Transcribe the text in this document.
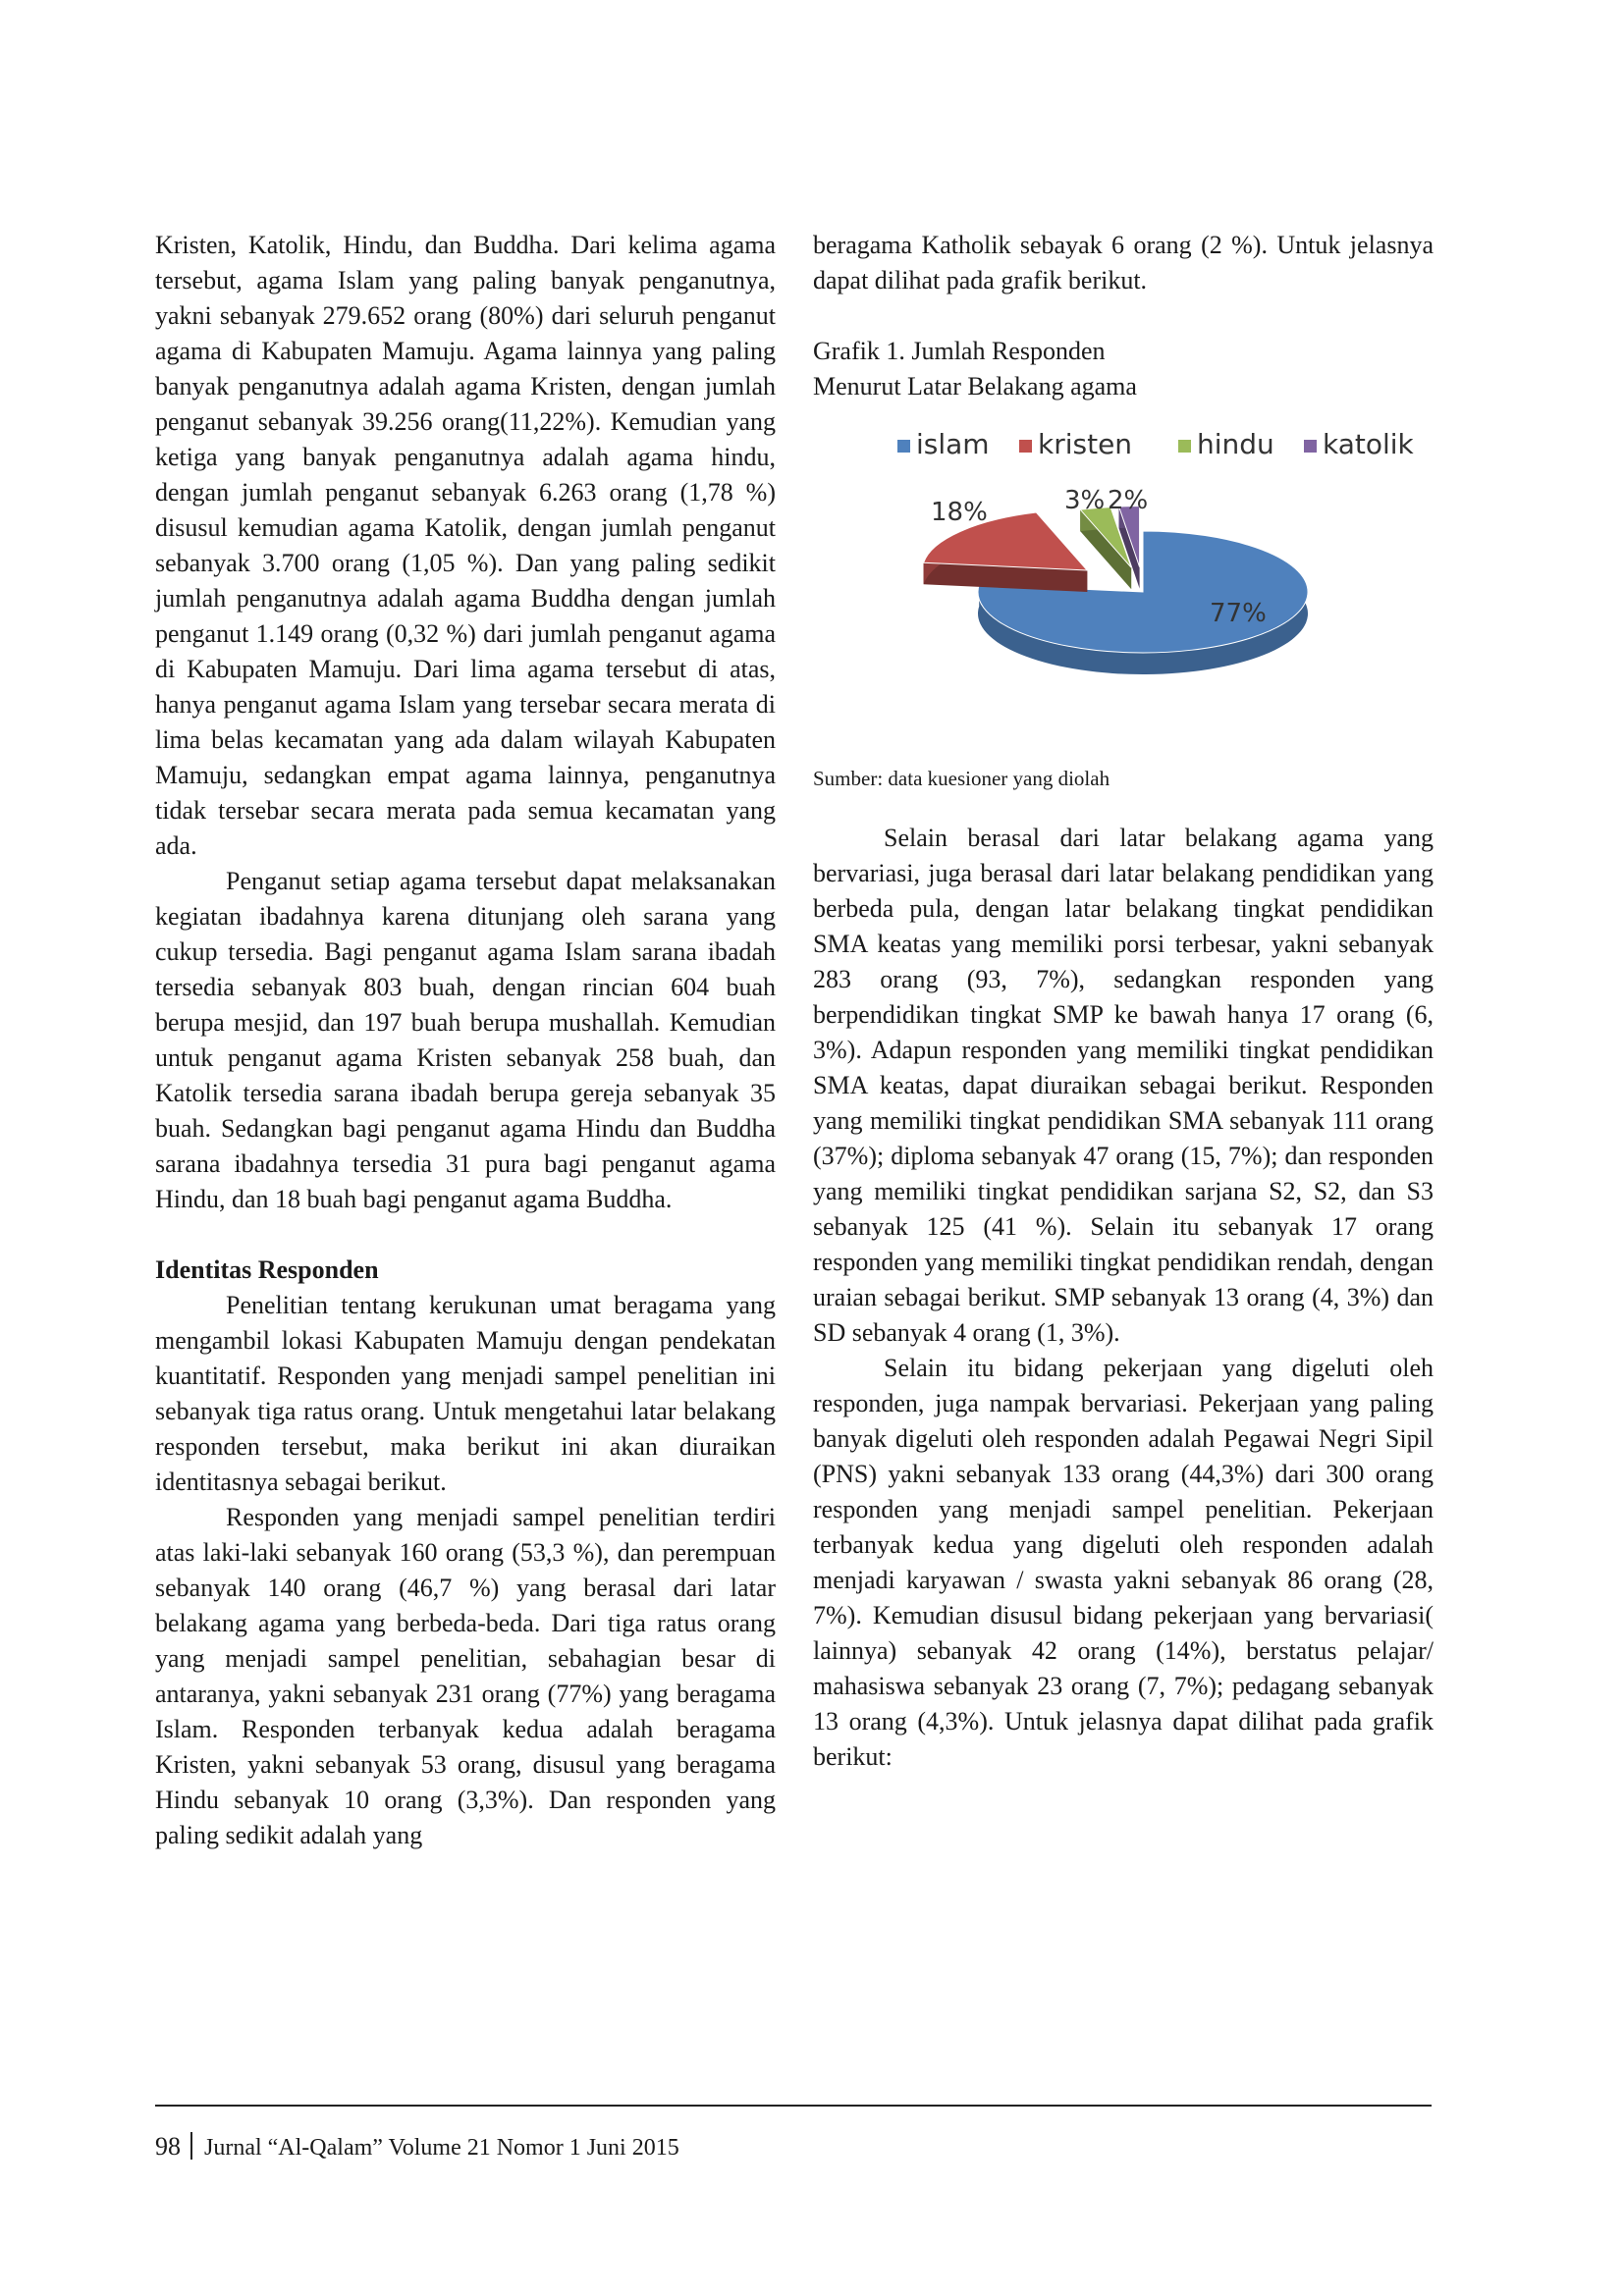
Kristen, Katolik, Hindu, dan Buddha. Dari kelima agama tersebut, agama Islam yang paling banyak penganutnya, yakni sebanyak 279.652 orang (80%) dari seluruh penganut agama di Kabupaten Mamuju. Agama lainnya yang paling banyak penganutnya adalah agama Kristen, dengan jumlah penganut sebanyak 39.256 orang(11,22%). Kemudian yang ketiga yang banyak penganutnya adalah agama hindu, dengan jumlah penganut sebanyak 6.263 orang (1,78 %) disusul kemudian agama Katolik, dengan jumlah penganut sebanyak 3.700 orang (1,05 %). Dan yang paling sedikit jumlah penganutnya adalah agama Buddha dengan jumlah penganut 1.149 orang (0,32 %) dari jumlah penganut agama di Kabupaten Mamuju. Dari lima agama tersebut di atas, hanya penganut agama Islam yang tersebar secara merata di lima belas kecamatan yang ada dalam wilayah Kabupaten Mamuju, sedangkan empat agama lainnya, penganutnya tidak tersebar secara merata pada semua kecamatan yang ada.

Penganut setiap agama tersebut dapat melaksanakan kegiatan ibadahnya karena ditunjang oleh sarana yang cukup tersedia. Bagi penganut agama Islam sarana ibadah tersedia sebanyak 803 buah, dengan rincian 604 buah berupa mesjid, dan 197 buah berupa mushallah. Kemudian untuk penganut agama Kristen sebanyak 258 buah, dan Katolik tersedia sarana ibadah berupa gereja sebanyak 35 buah. Sedangkan bagi penganut agama Hindu dan Buddha sarana ibadahnya tersedia 31 pura bagi penganut agama Hindu, dan 18 buah bagi penganut agama Buddha.

Identitas Responden

Penelitian tentang kerukunan umat beragama yang mengambil lokasi Kabupaten Mamuju dengan pendekatan kuantitatif. Responden yang menjadi sampel penelitian ini sebanyak tiga ratus orang. Untuk mengetahui latar belakang responden tersebut, maka berikut ini akan diuraikan identitasnya sebagai berikut.

Responden yang menjadi sampel penelitian terdiri atas laki-laki sebanyak 160 orang (53,3 %), dan perempuan sebanyak 140 orang (46,7 %) yang berasal dari latar belakang agama yang berbeda-beda. Dari tiga ratus orang yang menjadi sampel penelitian, sebahagian besar di antaranya, yakni sebanyak 231 orang (77%) yang beragama Islam. Responden terbanyak kedua adalah beragama Kristen, yakni sebanyak 53 orang, disusul yang beragama Hindu sebanyak 10 orang (3,3%). Dan responden yang paling sedikit adalah yang

beragama Katholik sebayak 6 orang (2 %). Untuk jelasnya dapat dilihat pada grafik berikut.

Grafik 1. Jumlah Responden

Menurut Latar Belakang agama

islam kristen hindu katolik
77%
18%	3% 2%

Sumber: data kuesioner yang diolah

Selain berasal dari latar belakang agama yang bervariasi, juga berasal dari latar belakang pendidikan yang berbeda pula, dengan latar belakang tingkat pendidikan SMA keatas yang memiliki porsi terbesar, yakni sebanyak 283 orang (93, 7%), sedangkan responden yang berpendidikan tingkat SMP ke bawah hanya 17 orang (6, 3%). Adapun responden yang memiliki tingkat pendidikan SMA keatas, dapat diuraikan sebagai berikut. Responden yang memiliki tingkat pendidikan SMA sebanyak 111 orang (37%); diploma sebanyak 47 orang (15, 7%); dan responden yang memiliki tingkat pendidikan sarjana S2, S2, dan S3 sebanyak 125 (41 %). Selain itu sebanyak 17 orang responden yang memiliki tingkat pendidikan rendah, dengan uraian sebagai berikut. SMP sebanyak 13 orang (4, 3%) dan SD sebanyak 4 orang (1, 3%).

Selain itu bidang pekerjaan yang digeluti oleh responden, juga nampak bervariasi. Pekerjaan yang paling banyak digeluti oleh responden adalah Pegawai Negri Sipil (PNS) yakni sebanyak 133 orang (44,3%) dari 300 orang responden yang menjadi sampel penelitian. Pekerjaan terbanyak kedua yang digeluti oleh responden adalah menjadi karyawan / swasta yakni sebanyak 86 orang (28, 7%). Kemudian disusul bidang pekerjaan yang bervariasi( lainnya) sebanyak 42 orang (14%), berstatus pelajar/ mahasiswa sebanyak 23 orang (7, 7%); pedagang sebanyak 13 orang (4,3%). Untuk jelasnya dapat dilihat pada grafik berikut:

98 Jurnal “Al-Qalam” Volume 21 Nomor 1 Juni 2015
